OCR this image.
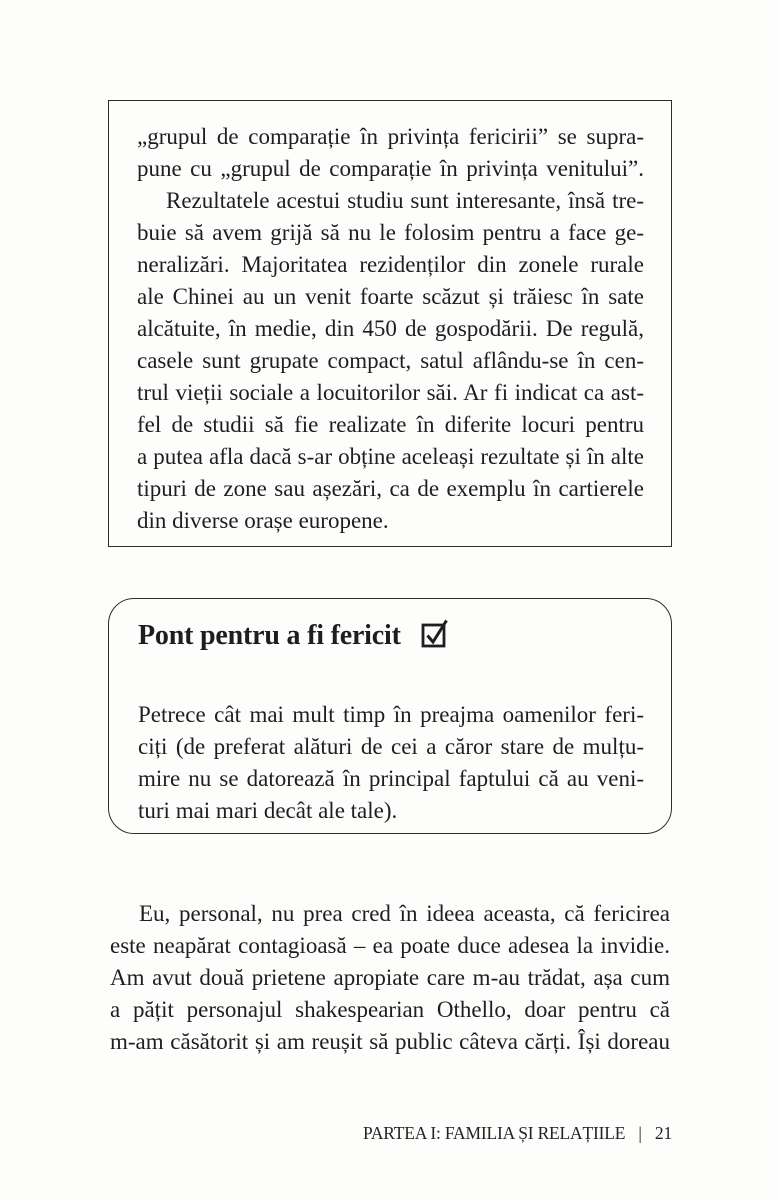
„grupul de comparație în privința fericirii” se supra-
pune cu „grupul de comparație în privința venitului”.
Rezultatele acestui studiu sunt interesante, însă tre-
buie să avem grijă să nu le folosim pentru a face ge-
neralizări. Majoritatea rezidenților din zonele rurale
ale Chinei au un venit foarte scăzut și trăiesc în sate
alcătuite, în medie, din 450 de gospodării. De regulă,
casele sunt grupate compact, satul aflându-se în cen-
trul vieții sociale a locuitorilor săi. Ar fi indicat ca ast-
fel de studii să fie realizate în diferite locuri pentru
a putea afla dacă s-ar obține aceleași rezultate și în alte
tipuri de zone sau așezări, ca de exemplu în cartierele
din diverse orașe europene.
Pont pentru a fi fericit
Petrece cât mai mult timp în preajma oamenilor feri-
ciți (de preferat alături de cei a căror stare de mulțu-
mire nu se datorează în principal faptului că au veni-
turi mai mari decât ale tale).
Eu, personal, nu prea cred în ideea aceasta, că fericirea
este neapărat contagioasă – ea poate duce adesea la invidie.
Am avut două prietene apropiate care m-au trădat, așa cum
a pățit personajul shakespearian Othello, doar pentru că
m-am căsătorit și am reușit să public câteva cărți. Își doreau
PARTEA I: FAMILIA ȘI RELAȚIILE | 21
